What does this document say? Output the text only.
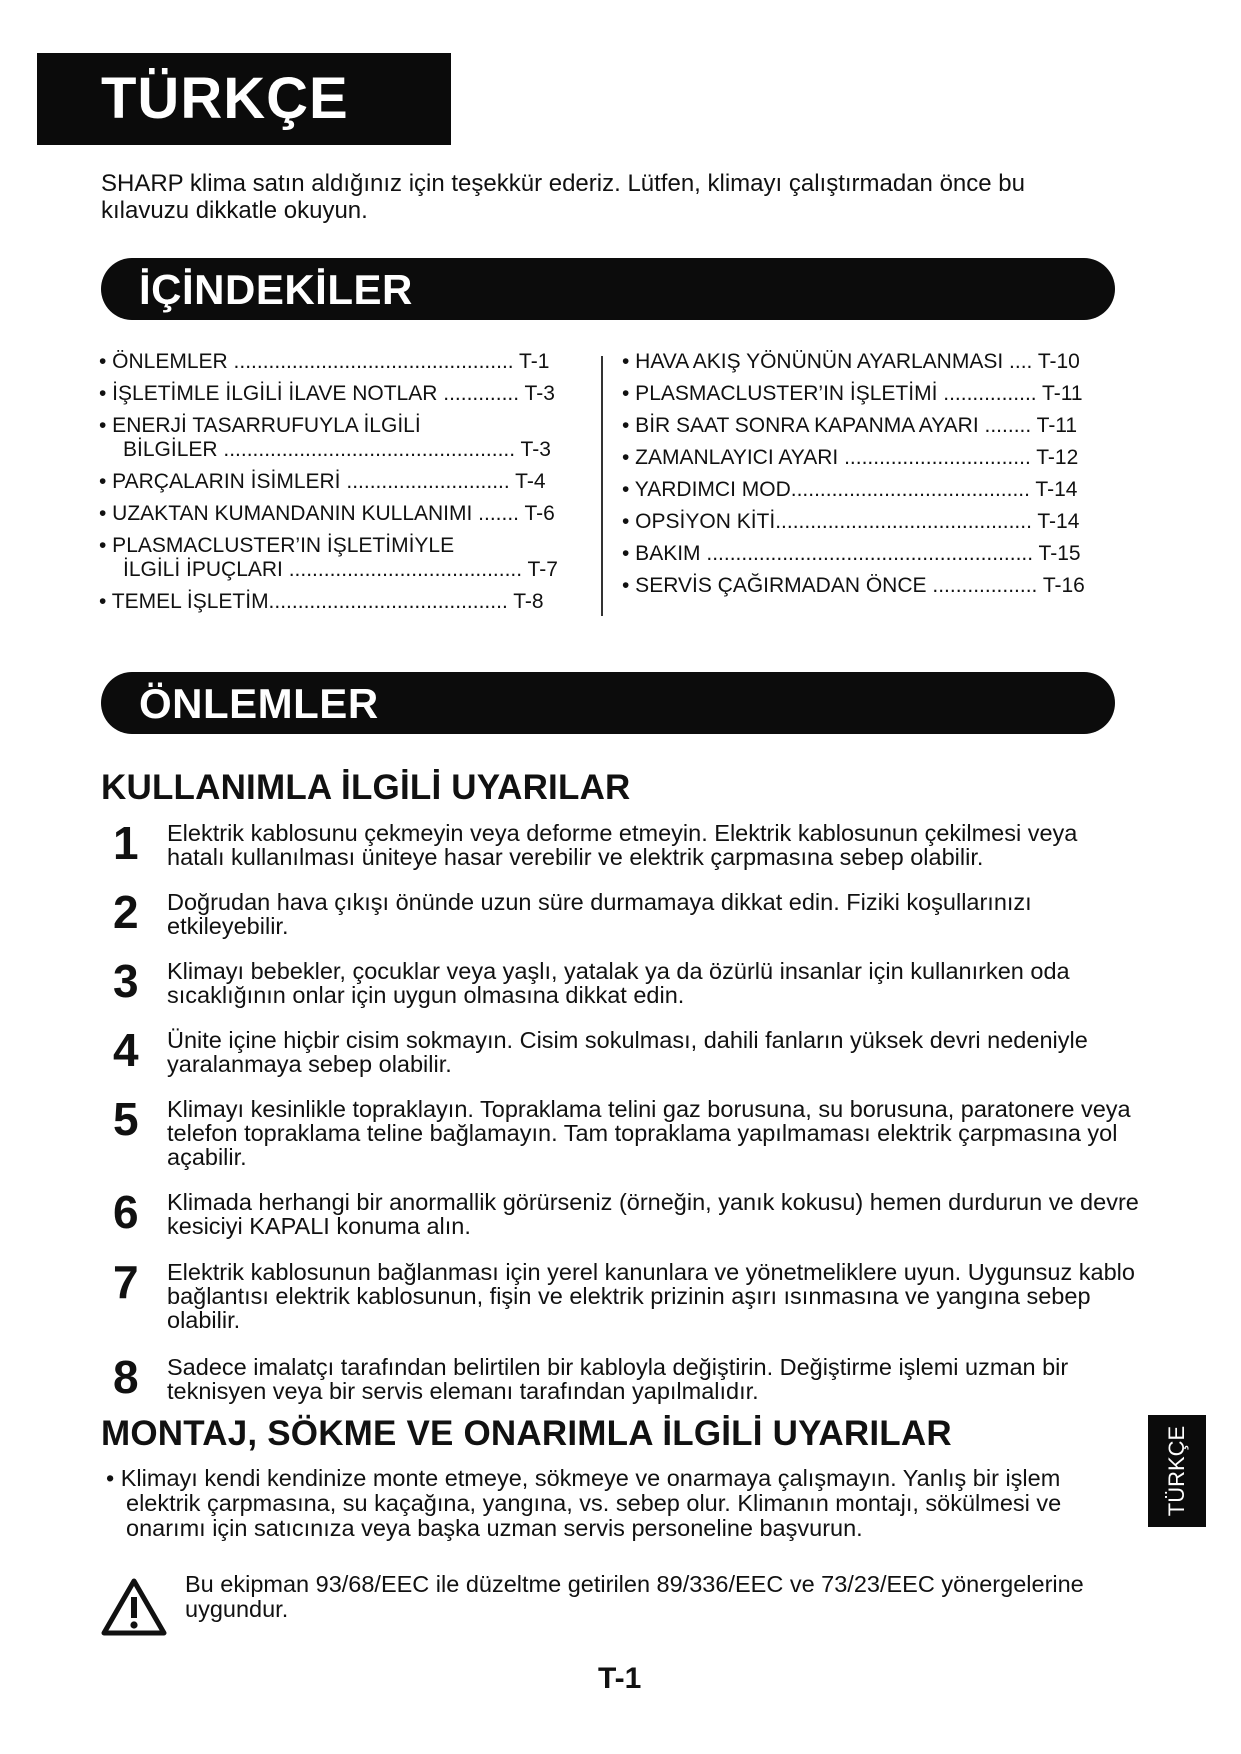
TÜRKÇE

SHARP klima satın aldığınız için teşekkür ederiz. Lütfen, klimayı çalıştırmadan önce bu kılavuzu dikkatle okuyun.

İÇİNDEKİLER
• ÖNLEMLER ................................................ T-1
• İŞLETİMLE İLGİLİ İLAVE NOTLAR ............. T-3
• ENERJİ TASARRUFUYLA İLGİLİ
BİLGİLER .................................................. T-3
• PARÇALARIN İSİMLERİ ............................ T-4
• UZAKTAN KUMANDANIN KULLANIMI ....... T-6
• PLASMACLUSTER’IN İŞLETİMİYLE
İLGİLİ İPUÇLARI ........................................ T-7
• TEMEL İŞLETİM......................................... T-8
• HAVA AKIŞ YÖNÜNÜN AYARLANMASI .... T-10
• PLASMACLUSTER’IN İŞLETİMİ ................ T-11
• BİR SAAT SONRA KAPANMA AYARI ........ T-11
• ZAMANLAYICI AYARI ................................ T-12
• YARDIMCI MOD......................................... T-14
• OPSİYON KİTİ............................................ T-14
• BAKIM ........................................................ T-15
• SERVİS ÇAĞIRMADAN ÖNCE .................. T-16
ÖNLEMLER
KULLANIMLA İLGİLİ UYARILAR
1 Elektrik kablosunu çekmeyin veya deforme etmeyin. Elektrik kablosunun çekilmesi veya hatalı kullanılması üniteye hasar verebilir ve elektrik çarpmasına sebep olabilir.
2 Doğrudan hava çıkışı önünde uzun süre durmamaya dikkat edin. Fiziki koşullarınızı etkileyebilir.
3 Klimayı bebekler, çocuklar veya yaşlı, yatalak ya da özürlü insanlar için kullanırken oda sıcaklığının onlar için uygun olmasına dikkat edin.
4 Ünite içine hiçbir cisim sokmayın. Cisim sokulması, dahili fanların yüksek devri nedeniyle yaralanmaya sebep olabilir.
5 Klimayı kesinlikle topraklayın. Topraklama telini gaz borusuna, su borusuna, paratonere veya telefon topraklama teline bağlamayın. Tam topraklama yapılmaması elektrik çarpmasına yol açabilir.
6 Klimada herhangi bir anormallik görürseniz (örneğin, yanık kokusu) hemen durdurun ve devre kesiciyi KAPALI konuma alın.
7 Elektrik kablosunun bağlanması için yerel kanunlara ve yönetmeliklere uyun. Uygunsuz kablo bağlantısı elektrik kablosunun, fişin ve elektrik prizinin aşırı ısınmasına ve yangına sebep olabilir.
8 Sadece imalatçı tarafından belirtilen bir kabloyla değiştirin. Değiştirme işlemi uzman bir teknisyen veya bir servis elemanı tarafından yapılmalıdır.
MONTAJ, SÖKME VE ONARIMLA İLGİLİ UYARILAR

• Klimayı kendi kendinize monte etmeye, sökmeye ve onarmaya çalışmayın. Yanlış bir işlem elektrik çarpmasına, su kaçağına, yangına, vs. sebep olur. Klimanın montajı, sökülmesi ve onarımı için satıcınıza veya başka uzman servis personeline başvurun.

Bu ekipman 93/68/EEC ile düzeltme getirilen 89/336/EEC ve 73/23/EEC yönergelerine uygundur.
T-1
TÜRKÇE
